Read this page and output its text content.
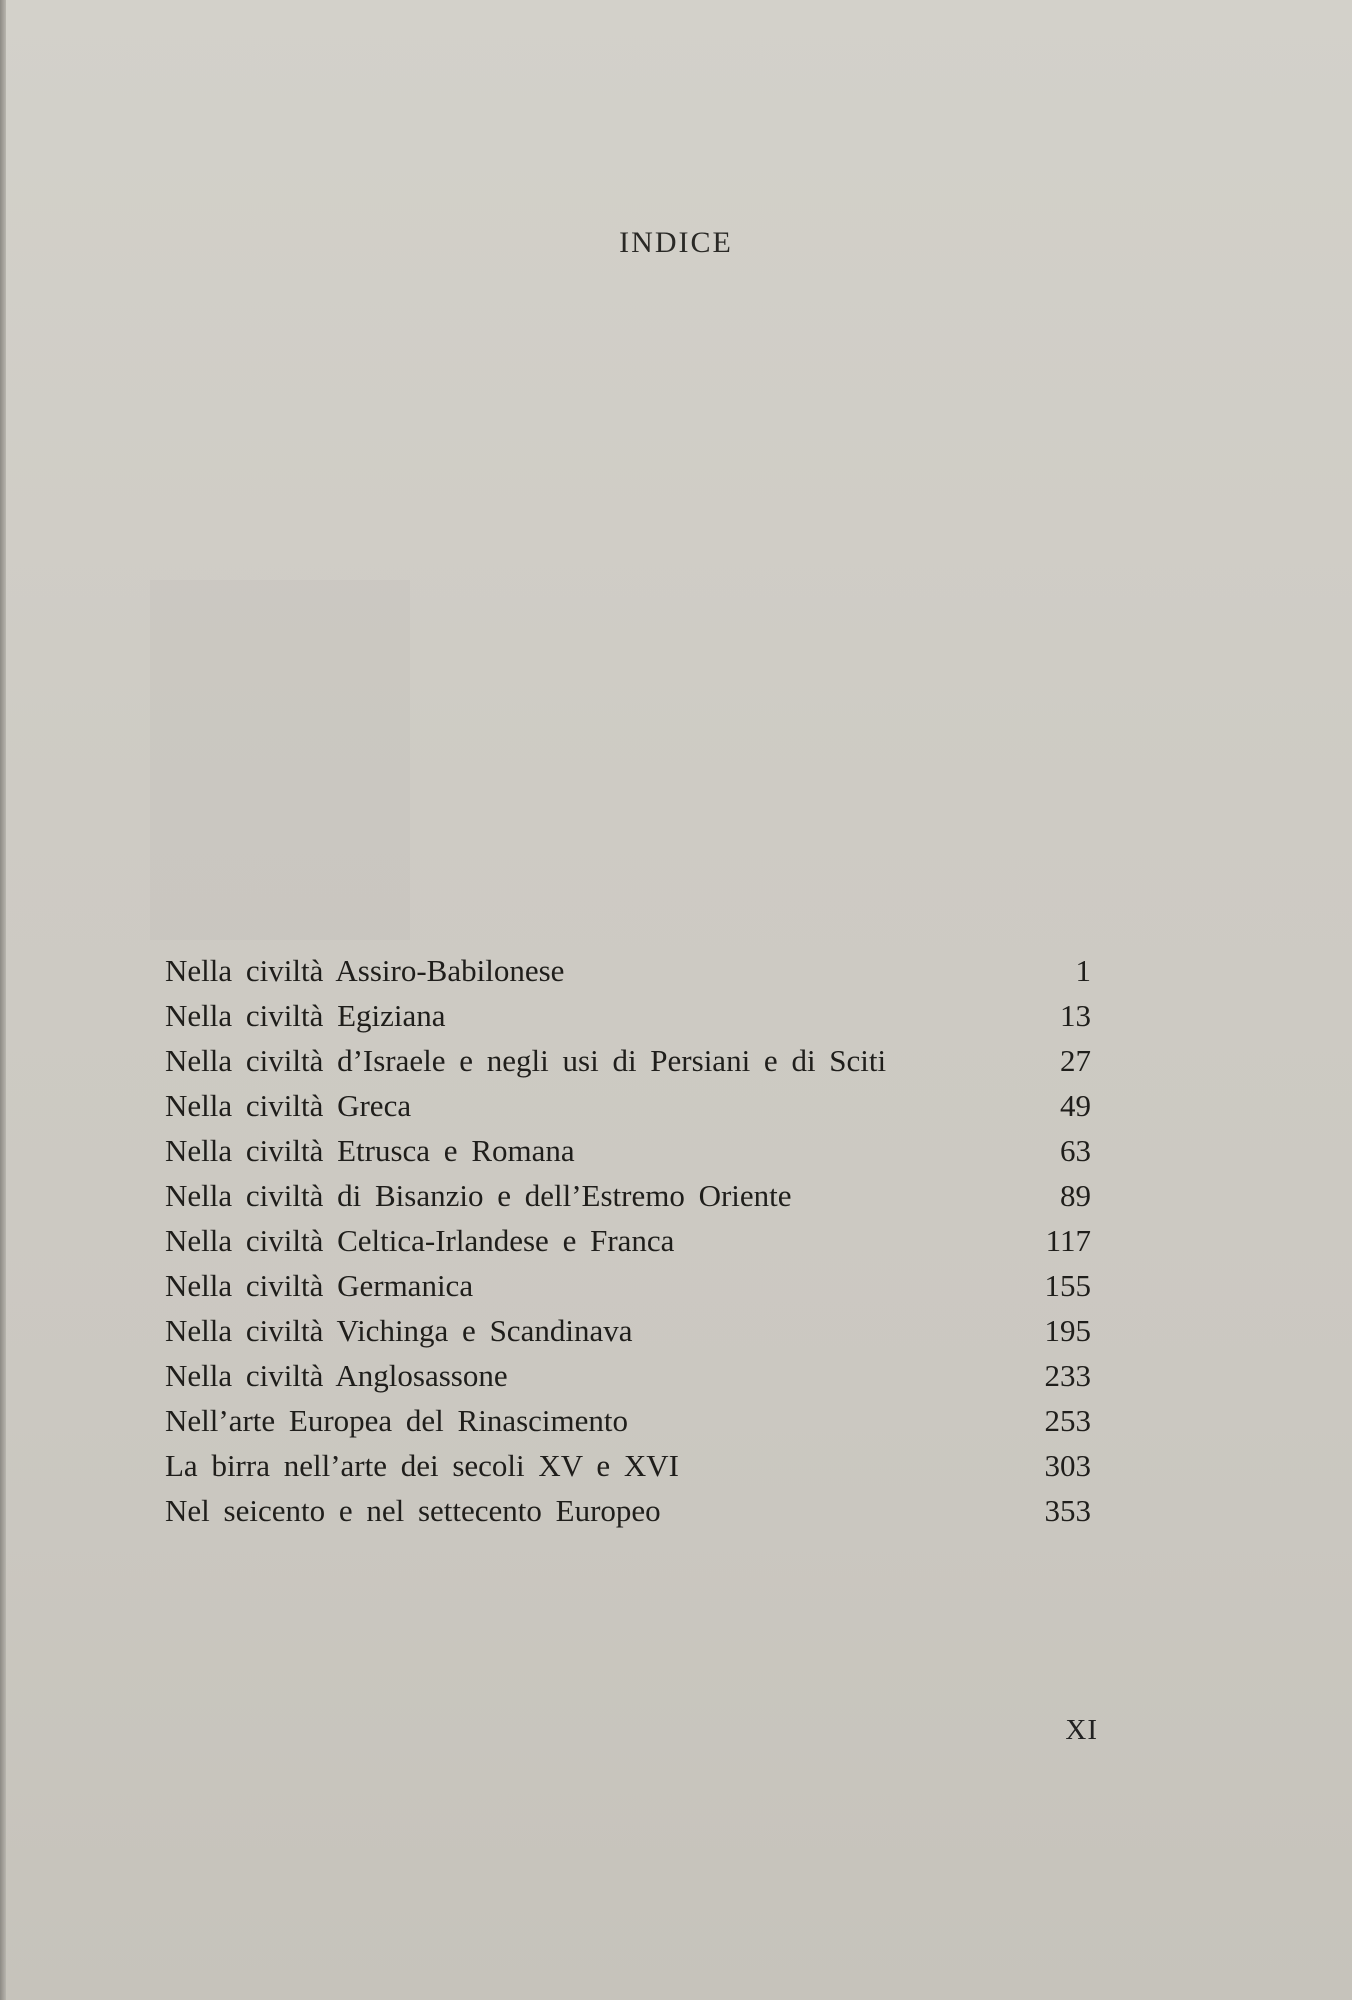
INDICE
Nella civiltà Assiro-Babilonese	1
Nella civiltà Egiziana	13
Nella civiltà d’Israele e negli usi di Persiani e di Sciti	27
Nella civiltà Greca	49
Nella civiltà Etrusca e Romana	63
Nella civiltà di Bisanzio e dell’Estremo Oriente	89
Nella civiltà Celtica-Irlandese e Franca	117
Nella civiltà Germanica	155
Nella civiltà Vichinga e Scandinava	195
Nella civiltà Anglosassone	233
Nell’arte Europea del Rinascimento	253
La birra nell’arte dei secoli XV e XVI	303
Nel seicento e nel settecento Europeo	353
XI
